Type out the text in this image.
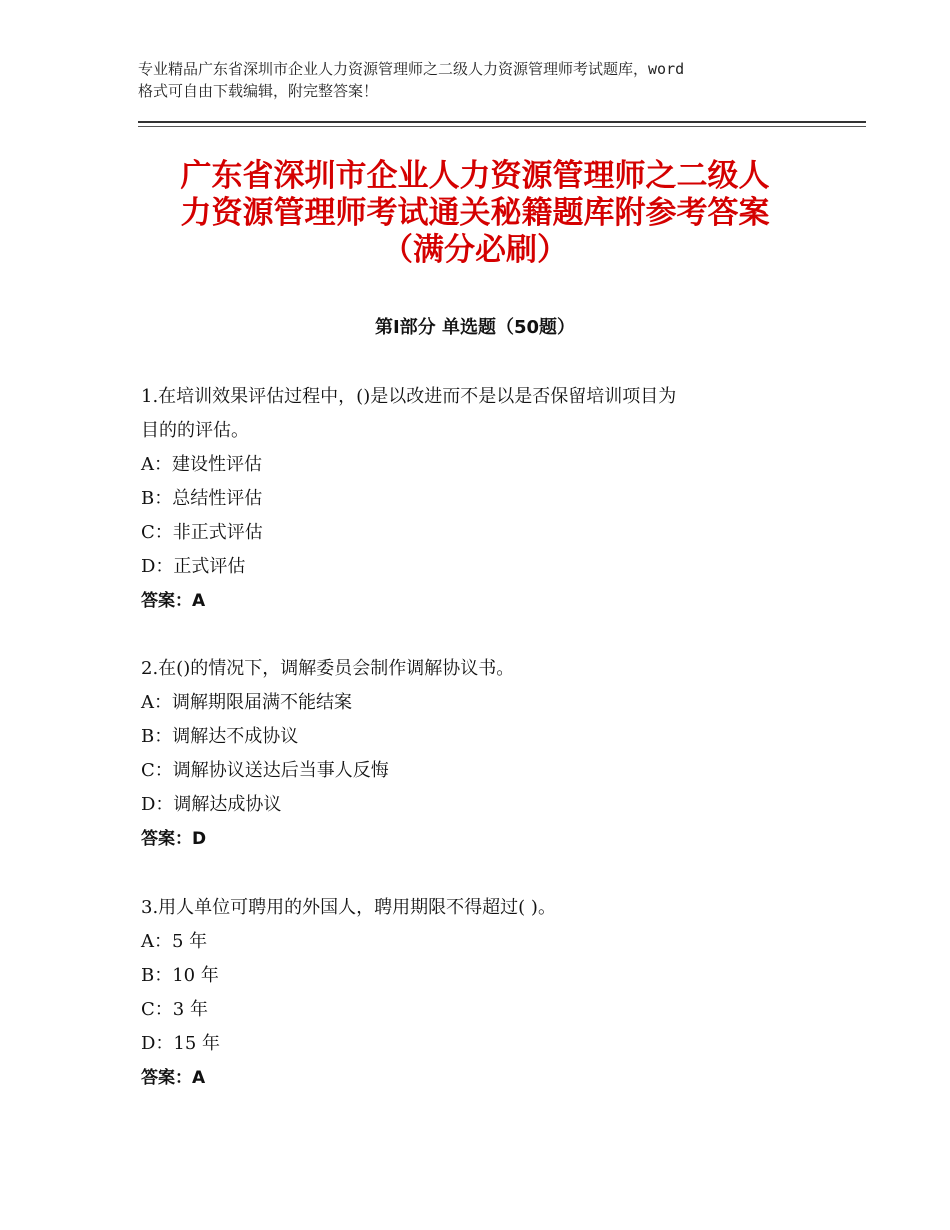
专业精品广东省深圳市企业人力资源管理师之二级人力资源管理师考试题库，word
格式可自由下载编辑，附完整答案！
广东省深圳市企业人力资源管理师之二级人
力资源管理师考试通关秘籍题库附参考答案
（满分必刷）
第Ⅰ部分 单选题（50题）
1.在培训效果评估过程中，()是以改进而不是以是否保留培训项目为
目的的评估。
A：建设性评估
B：总结性评估
C：非正式评估
D：正式评估
答案：A
2.在()的情况下，调解委员会制作调解协议书。
A：调解期限届满不能结案
B：调解达不成协议
C：调解协议送达后当事人反悔
D：调解达成协议
答案：D
3.用人单位可聘用的外国人，聘用期限不得超过( )。
A：5 年
B：10 年
C：3 年
D：15 年
答案：A
